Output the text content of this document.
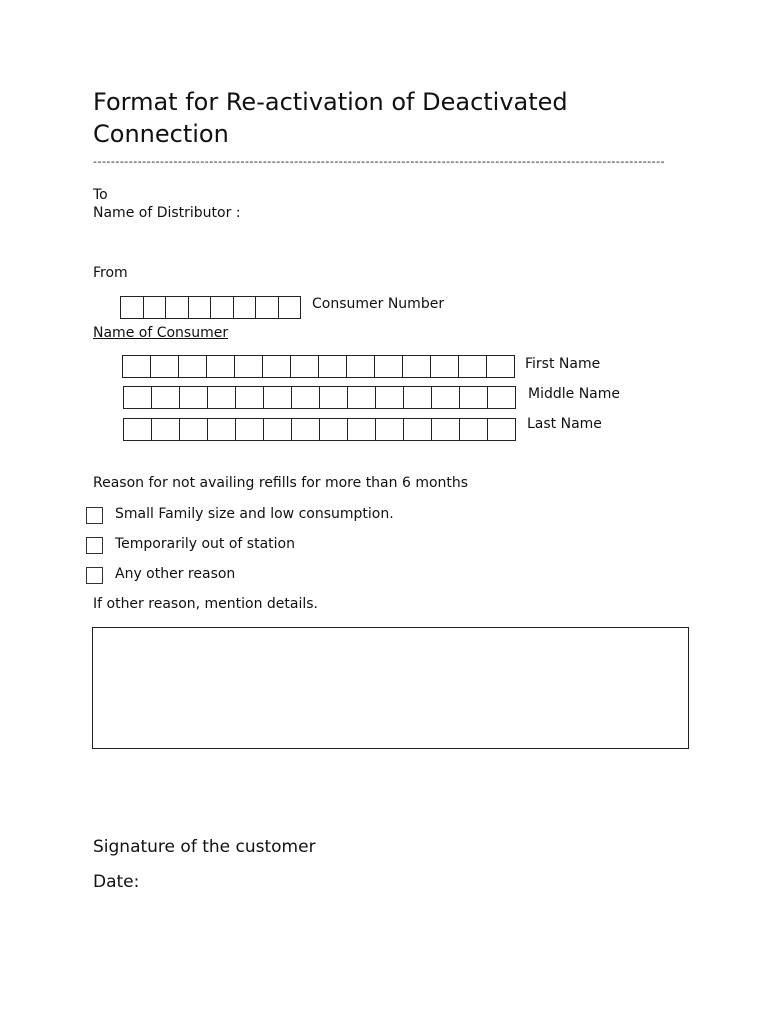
Format for Re-activation of Deactivated Connection
--------------------------------------------------------------------------------------------------------------------------------
To
Name of Distributor :
From
Consumer Number
Name of Consumer
First Name
Middle Name
Last Name
Reason for not availing refills for more than 6 months
Small Family size and low consumption.
Temporarily out of station
Any other reason
If other reason, mention details.
Signature of the customer
Date:
